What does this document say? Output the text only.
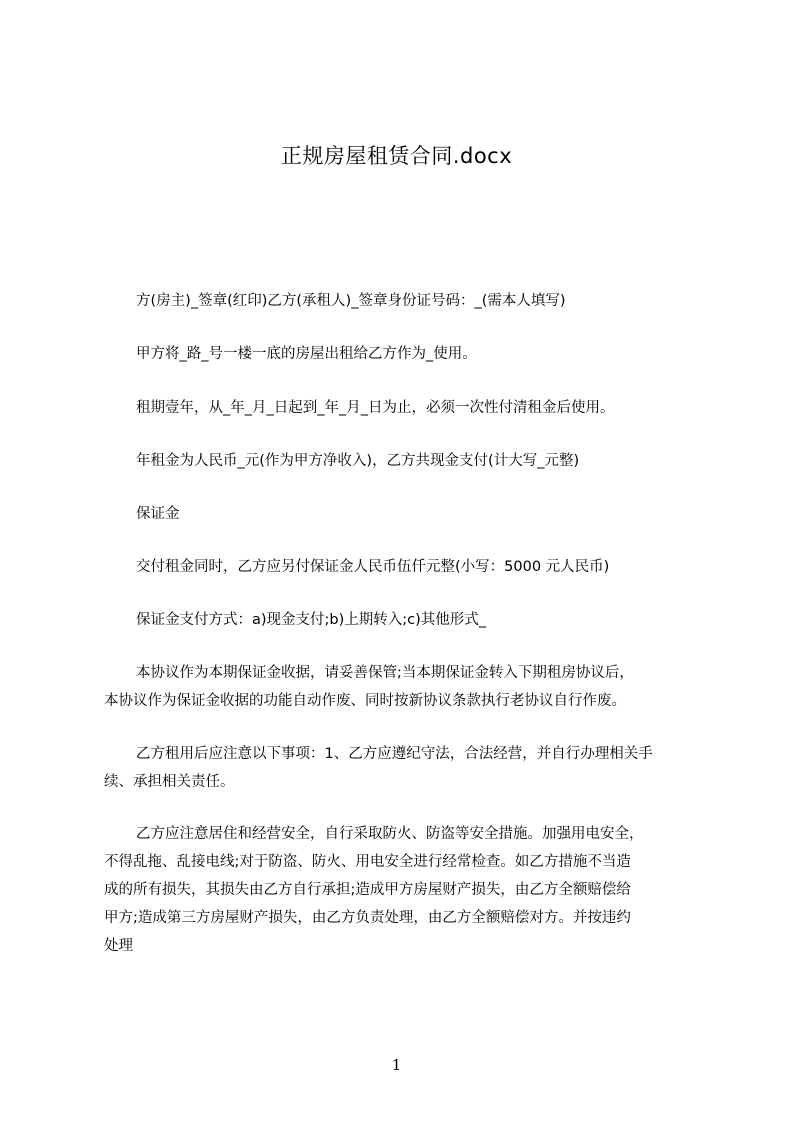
正规房屋租赁合同.docx
方(房主)_签章(红印)乙方(承租人)_签章身份证号码：_(需本人填写)
甲方将_路_号一楼一底的房屋出租给乙方作为_使用。
租期壹年，从_年_月_日起到_年_月_日为止，必须一次性付清租金后使用。
年租金为人民币_元(作为甲方净收入)，乙方共现金支付(计大写_元整)
保证金
交付租金同时，乙方应另付保证金人民币伍仟元整(小写：5000 元人民币)
保证金支付方式：a)现金支付;b)上期转入;c)其他形式_
本协议作为本期保证金收据，请妥善保管;当本期保证金转入下期租房协议后，
本协议作为保证金收据的功能自动作废、同时按新协议条款执行老协议自行作废。
乙方租用后应注意以下事项：1、乙方应遵纪守法，合法经营，并自行办理相关手
续、承担相关责任。
乙方应注意居住和经营安全，自行采取防火、防盗等安全措施。加强用电安全，
不得乱拖、乱接电线;对于防盗、防火、用电安全进行经常检查。如乙方措施不当造
成的所有损失，其损失由乙方自行承担;造成甲方房屋财产损失，由乙方全额赔偿给
甲方;造成第三方房屋财产损失，由乙方负责处理，由乙方全额赔偿对方。并按违约
处理
1
